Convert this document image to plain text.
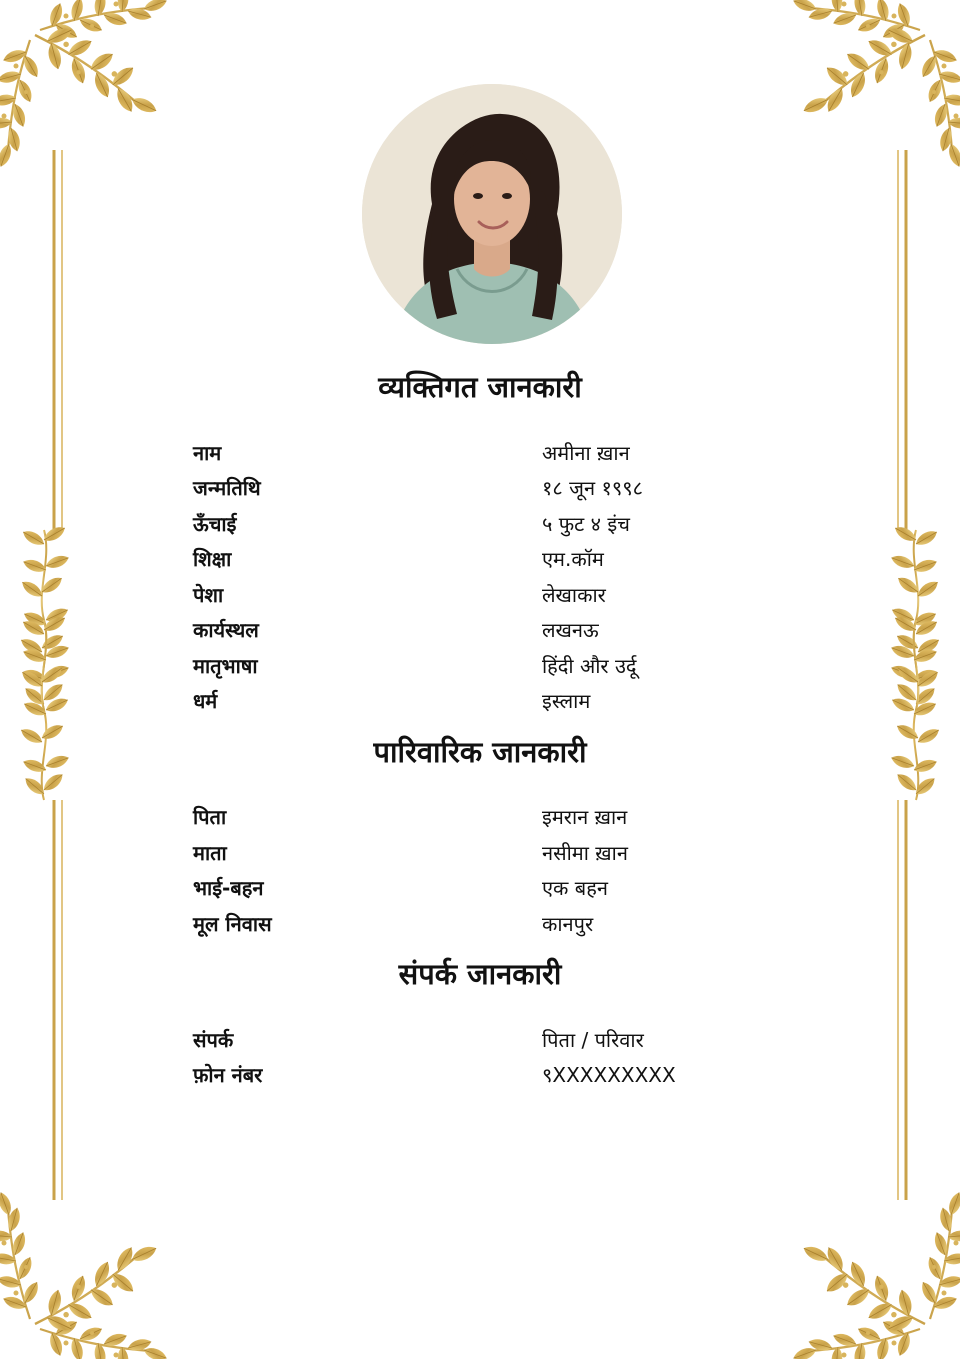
व्यक्तिगत जानकारी
पारिवारिक जानकारी
संपर्क जानकारी
नाम	अमीना ख़ान
जन्मतिथि	१८ जून १९९८
ऊँचाई	५ फुट ४ इंच
शिक्षा	एम.कॉम
पेशा	लेखाकार
कार्यस्थल	लखनऊ
मातृभाषा	हिंदी और उर्दू
धर्म	इस्लाम
पिता	इमरान ख़ान
माता	नसीमा ख़ान
भाई-बहन	एक बहन
मूल निवास	कानपुर
संपर्क	पिता / परिवार
फ़ोन नंबर	९XXXXXXXXX
